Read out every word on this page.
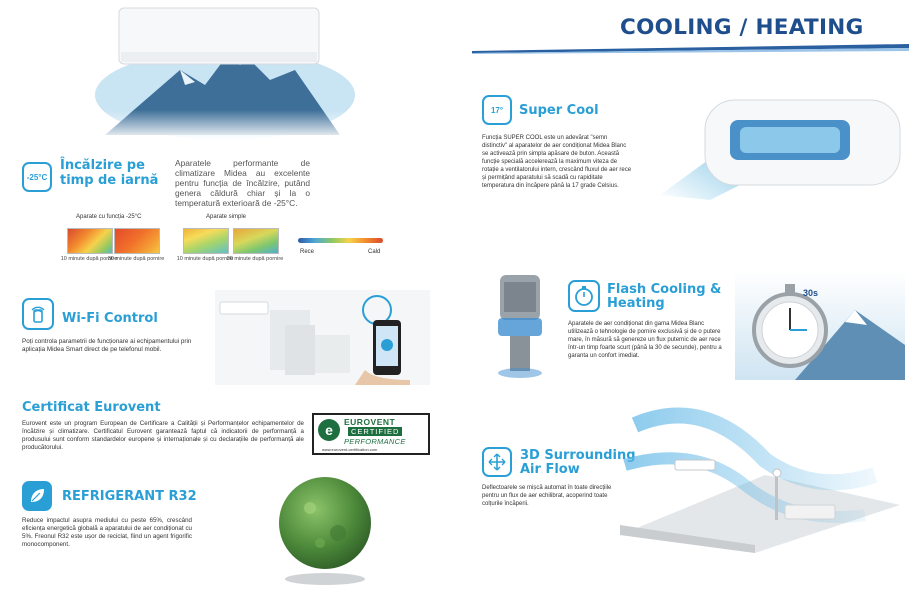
-25°C
Încălzire pe
timp de iarnă
Aparatele performante de climatizare Midea au excelente pentru funcția de încălzire, putând genera căldură chiar și la o temperatură exterioară de -25°C.
Aparate cu funcția -25°C	Aparate simple
10 minute după pornire
30 minute după pornire	10 minute după pornire
30 minute după pornire
Rece	Cald
Wi-Fi Control
Poți controla parametrii de funcționare ai echipamentului prin aplicația Midea Smart direct de pe telefonul mobil.
Certificat Eurovent
Eurovent este un program European de Certificare a Calității și Performanțelor echipamentelor de încălzire și climatizare. Certificatul Eurovent garantează faptul că indicatorii de performanță a produsului sunt conform standardelor europene și internaționale și cu declarațiile de performanță ale producătorului.
e	EUROVENT
CERTIFIED
PERFORMANCE
www.eurovent-certification.com
REFRIGERANT R32
Reduce impactul asupra mediului cu peste 65%, crescând eficiența energetică globală a aparatului de aer condiționat cu 5%. Freonul R32 este ușor de reciclat, fiind un agent frigorific monocomponent.
COOLING / HEATING
17° Super Cool
Funcția SUPER COOL este un adevărat "semn distinctiv" al aparatelor de aer condiționat Midea Blanc se activează prin simpla apăsare de buton. Această funcție specială accelerează la maximum viteza de rotație a ventilatorului intern, crescând fluxul de aer rece și permițând aparatului să scadă cu rapiditate temperatura din încăpere până la 17 grade Celsius.
Flash Cooling &
Heating
Aparatele de aer condiționat din gama Midea Blanc utilizează o tehnologie de pornire exclusivă și de o putere mare, în măsură să genereze un flux puternic de aer rece într-un timp foarte scurt (până la 30 de secunde), pentru a garanta un confort imediat.
30s
3D Surrounding
Air Flow
Deflectoarele se mișcă automat în toate direcțiile pentru un flux de aer echilibrat, acoperind toate colțurile încăperii.
